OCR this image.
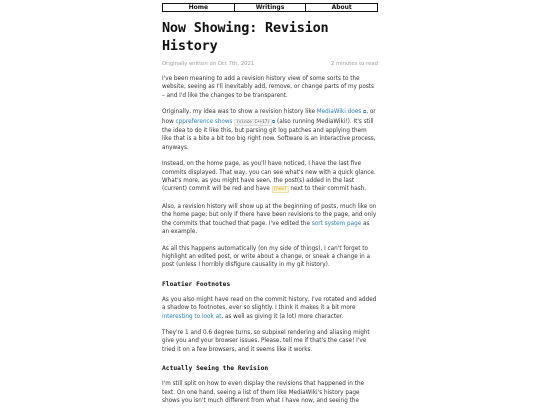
Home	Writings	About
Now Showing: Revision History
Originally written on Oct 7th, 2021	2 minutes to read

I've been meaning to add a revision history view of some sorts to the website, seeing as I'll inevitably add, remove, or change parts of my posts – and I'd like the changes to be transparent.

Originally, my idea was to show a revision history like MediaWiki does ⧉, or how cppreference shows (since C++17) ⧉ (also running MediaWiki!). It's still the idea to do it like this, but parsing git log patches and applying them like that is a bite a bit too big right now. Software is an interactive process, anyways.

Instead, on the home page, as you'll have noticed, I have the last five commits displayed. That way, you can see what's new with a quick glance. What's more, as you might have seen, the post(s) added in the last (current) commit will be red and have [new] next to their commit hash.

Also, a revision history will show up at the beginning of posts, much like on the home page; but only if there have been revisions to the page, and only the commits that touched that page. I've edited the sort system page as an example.

As all this happens automatically (on my side of things), I can't forget to highlight an edited post, or write about a change, or sneak a change in a post (unless I horribly disfigure causality in my git history).

Floatier Footnotes

As you also might have read on the commit history, I've rotated and added a shadow to footnotes, ever so slightly. I think it makes it a bit more interesting to look at, as well as giving it (a lot) more character.

They're 1 and 0.6 degree turns, so subpixel rendering and aliasing might give you and your browser issues. Please, tell me if that's the case! I've tried it on a few browsers, and it seems like it works.

Actually Seeing the Revision

I'm still split on how to even display the revisions that happened in the text. On one hand, seeing a list of them like MediaWiki's history page shows you isn't much different from what I have now, and seeing the
